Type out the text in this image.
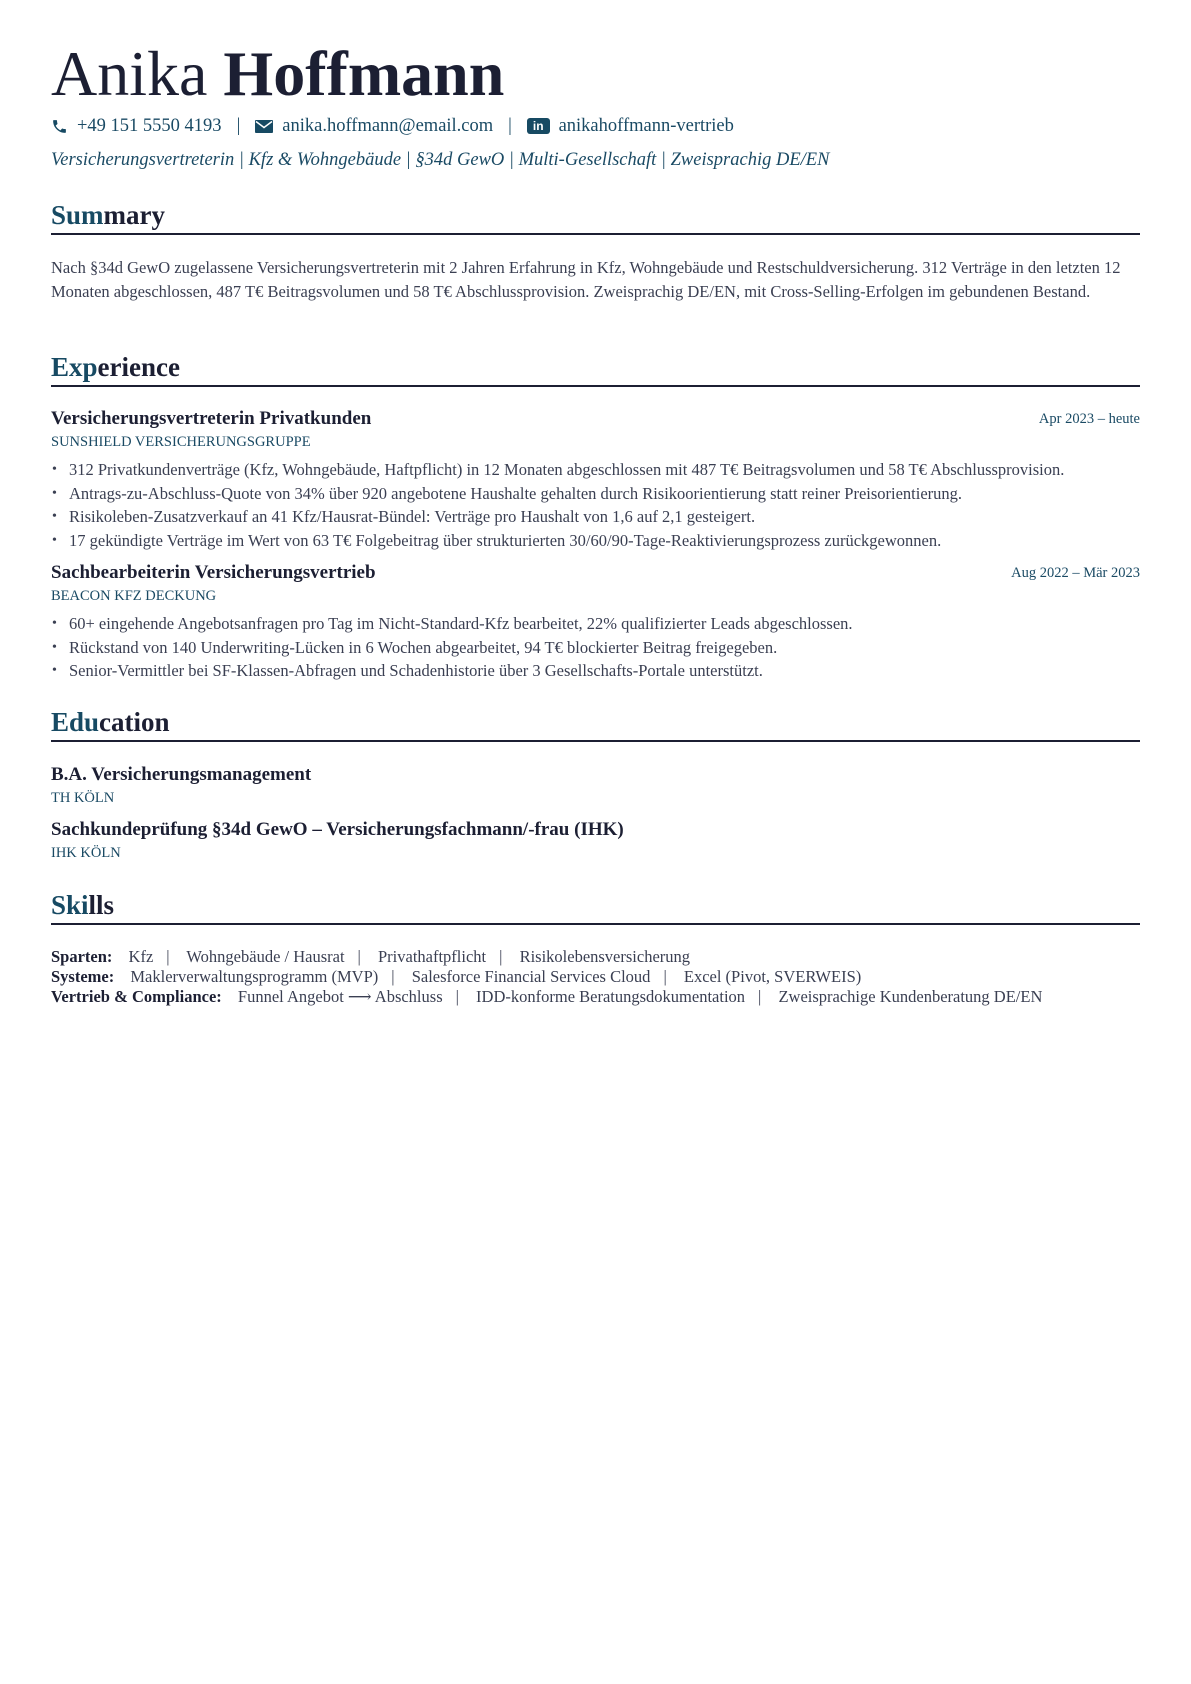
Anika Hoffmann
+49 151 5550 4193 | anika.hoffmann@email.com |	in anikahoffmann-vertrieb
Versicherungsvertreterin | Kfz & Wohngebäude | §34d GewO | Multi-Gesellschaft | Zweisprachig DE/EN
Summary
Nach §34d GewO zugelassene Versicherungsvertreterin mit 2 Jahren Erfahrung in Kfz, Wohngebäude und Restschuldversicherung. 312 Verträge in den letzten 12 Monaten abgeschlossen, 487 T€ Beitragsvolumen und 58 T€ Abschlussprovision. Zweisprachig DE/EN, mit Cross-Selling-Erfolgen im gebundenen Bestand.
Experience
Versicherungsvertreterin Privatkunden	Apr 2023 – heute
SUNSHIELD VERSICHERUNGSGRUPPE
• 312 Privatkundenverträge (Kfz, Wohngebäude, Haftpflicht) in 12 Monaten abgeschlossen mit 487 T€ Beitragsvolumen und 58 T€ Abschlussprovision.
• Antrags-zu-Abschluss-Quote von 34% über 920 angebotene Haushalte gehalten durch Risikoorientierung statt reiner Preisorientierung.
• Risikoleben-Zusatzverkauf an 41 Kfz/Hausrat-Bündel: Verträge pro Haushalt von 1,6 auf 2,1 gesteigert.
• 17 gekündigte Verträge im Wert von 63 T€ Folgebeitrag über strukturierten 30/60/90-Tage-Reaktivierungsprozess zurückgewonnen.
Sachbearbeiterin Versicherungsvertrieb	Aug 2022 – Mär 2023
BEACON KFZ DECKUNG
• 60+ eingehende Angebotsanfragen pro Tag im Nicht-Standard-Kfz bearbeitet, 22% qualifizierter Leads abgeschlossen.
• Rückstand von 140 Underwriting-Lücken in 6 Wochen abgearbeitet, 94 T€ blockierter Beitrag freigegeben.
• Senior-Vermittler bei SF-Klassen-Abfragen und Schadenhistorie über 3 Gesellschafts-Portale unterstützt.
Education
B.A. Versicherungsmanagement
TH KÖLN
Sachkundeprüfung §34d GewO – Versicherungsfachmann/-frau (IHK)
IHK KÖLN
Skills
Sparten: Kfz | Wohngebäude / Hausrat | Privathaftpflicht | Risikolebensversicherung
Systeme: Maklerverwaltungsprogramm (MVP) | Salesforce Financial Services Cloud | Excel (Pivot, SVERWEIS)
Vertrieb & Compliance: Funnel Angebot ⟶ Abschluss | IDD-konforme Beratungsdokumentation | Zweisprachige Kundenberatung DE/EN
